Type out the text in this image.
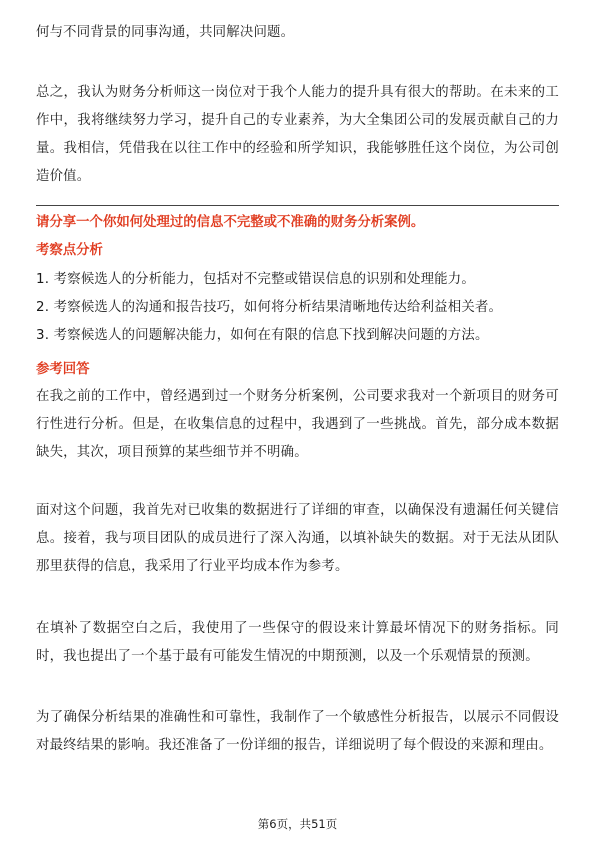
何与不同背景的同事沟通，共同解决问题。

总之，我认为财务分析师这一岗位对于我个人能力的提升具有很大的帮助。在未来的工作中，我将继续努力学习，提升自己的专业素养，为大全集团公司的发展贡献自己的力量。我相信，凭借我在以往工作中的经验和所学知识，我能够胜任这个岗位，为公司创造价值。

请分享一个你如何处理过的信息不完整或不准确的财务分析案例。
考察点分析
1. 考察候选人的分析能力，包括对不完整或错误信息的识别和处理能力。
2. 考察候选人的沟通和报告技巧，如何将分析结果清晰地传达给利益相关者。
3. 考察候选人的问题解决能力，如何在有限的信息下找到解决问题的方法。
参考回答

在我之前的工作中，曾经遇到过一个财务分析案例，公司要求我对一个新项目的财务可行性进行分析。但是，在收集信息的过程中，我遇到了一些挑战。首先，部分成本数据缺失，其次，项目预算的某些细节并不明确。

面对这个问题，我首先对已收集的数据进行了详细的审查，以确保没有遗漏任何关键信息。接着，我与项目团队的成员进行了深入沟通，以填补缺失的数据。对于无法从团队那里获得的信息，我采用了行业平均成本作为参考。

在填补了数据空白之后，我使用了一些保守的假设来计算最坏情况下的财务指标。同时，我也提出了一个基于最有可能发生情况的中期预测，以及一个乐观情景的预测。

为了确保分析结果的准确性和可靠性，我制作了一个敏感性分析报告，以展示不同假设对最终结果的影响。我还准备了一份详细的报告，详细说明了每个假设的来源和理由。

第6页，共51页
